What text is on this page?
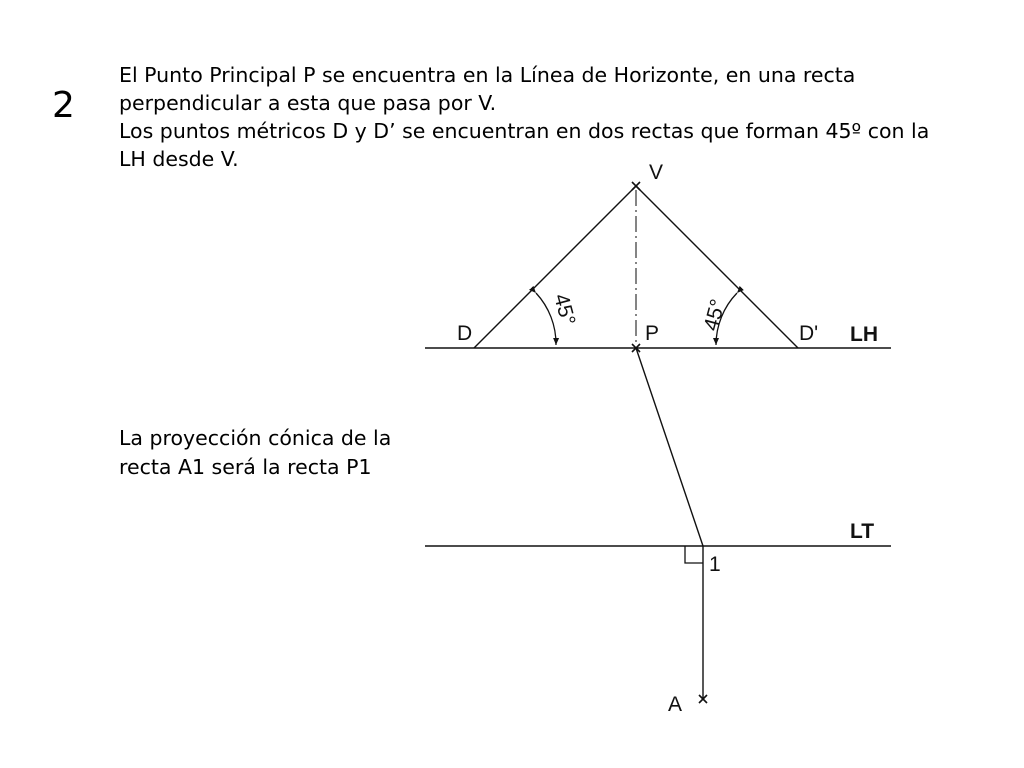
2

El Punto Principal P se encuentra en la Línea de Horizonte, en una recta perpendicular a esta que pasa por V.

Los puntos métricos D y D’ se encuentran en dos rectas que forman 45º con la LH desde V.

La proyección cónica de la

recta A1 será la recta P1

V
D	P	D' LH
LT
1
A
45°	45°
